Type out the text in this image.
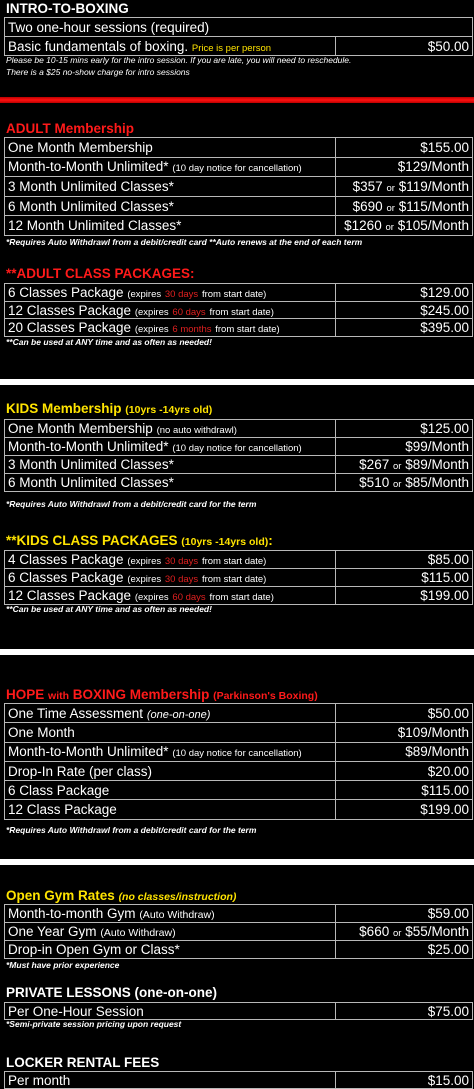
INTRO-TO-BOXING
Two one-hour sessions (required)
Basic fundamentals of boxing. Price is per person	$50.00
Please be 10-15 mins early for the intro session. If you are late, you will need to reschedule.
There is a $25 no-show charge for intro sessions
ADULT Membership
One Month Membership	$155.00
Month-to-Month Unlimited* (10 day notice for cancellation)	$129/Month
3 Month Unlimited Classes*	$357 or $119/Month
6 Month Unlimited Classes*	$690 or $115/Month
12 Month Unlimited Classes*	$1260 or $105/Month
*Requires Auto Withdrawl from a debit/credit card **Auto renews at the end of each term
**ADULT CLASS PACKAGES:
6 Classes Package (expires 30 days from start date)	$129.00
12 Classes Package (expires 60 days from start date)	$245.00
20 Classes Package (expires 6 months from start date)	$395.00
**Can be used at ANY time and as often as needed!
KIDS Membership (10yrs -14yrs old)
One Month Membership (no auto withdrawl)	$125.00
Month-to-Month Unlimited* (10 day notice for cancellation)	$99/Month
3 Month Unlimited Classes*	$267 or $89/Month
6 Month Unlimited Classes*	$510 or $85/Month
*Requires Auto Withdrawl from a debit/credit card for the term
**KIDS CLASS PACKAGES (10yrs -14yrs old):
4 Classes Package (expires 30 days from start date)	$85.00
6 Classes Package (expires 30 days from start date)	$115.00
12 Classes Package (expires 60 days from start date)	$199.00
**Can be used at ANY time and as often as needed!
HOPE with BOXING Membership (Parkinson's Boxing)
One Time Assessment (one-on-one)	$50.00
One Month	$109/Month
Month-to-Month Unlimited* (10 day notice for cancellation)	$89/Month
Drop-In Rate (per class)	$20.00
6 Class Package	$115.00
12 Class Package	$199.00
*Requires Auto Withdrawl from a debit/credit card for the term
Open Gym Rates (no classes/instruction)
Month-to-month Gym (Auto Withdraw)	$59.00
One Year Gym (Auto Withdraw)	$660 or $55/Month
Drop-in Open Gym or Class*	$25.00
*Must have prior experience
PRIVATE LESSONS (one-on-one)
Per One-Hour Session	$75.00
*Semi-private session pricing upon request
LOCKER RENTAL FEES
Per month	$15.00
